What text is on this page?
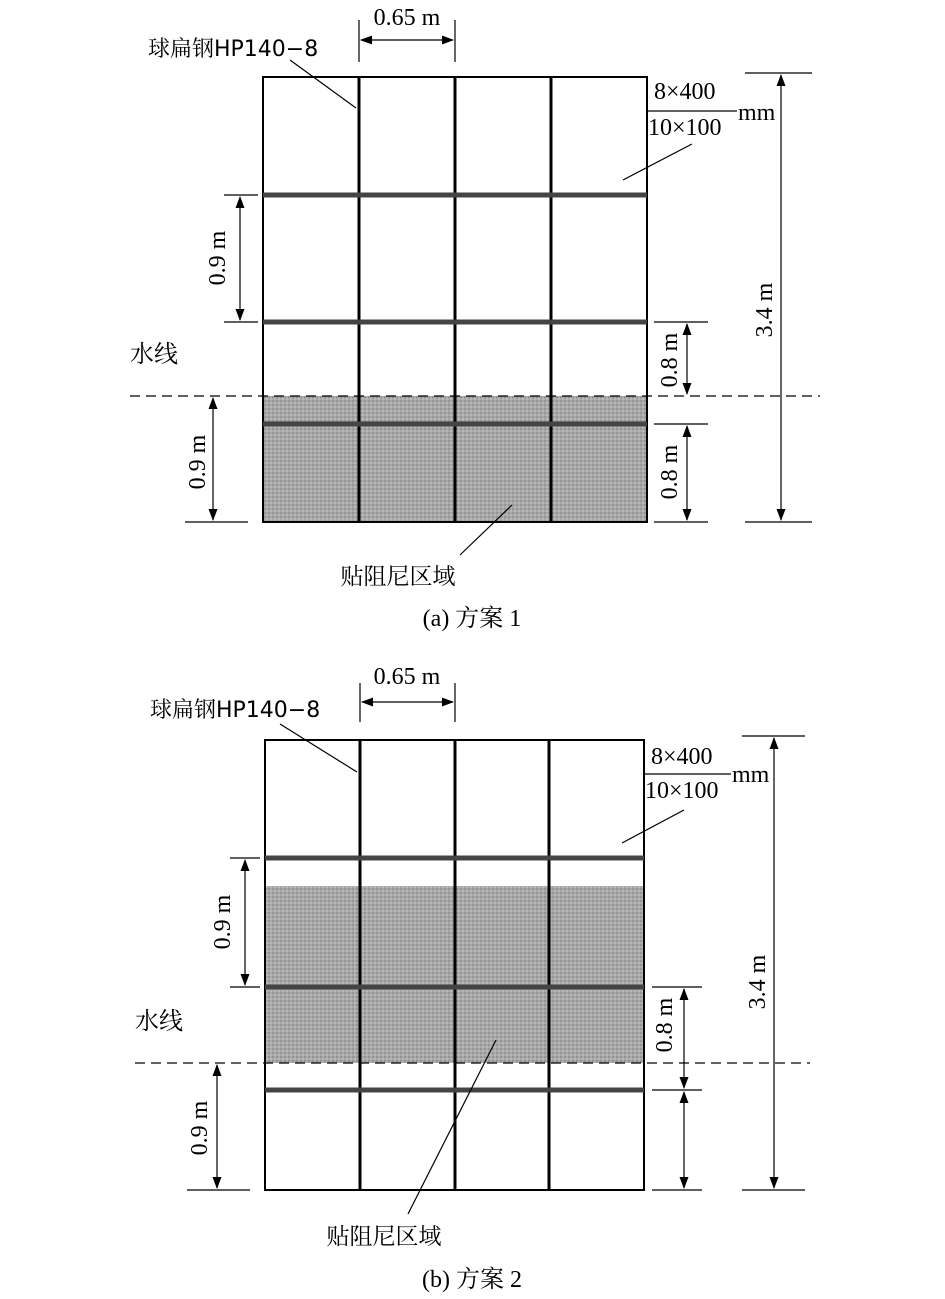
水线
0.65 m
球扁钢HP140−8
8×400
10×100
mm
0.9 m
0.9 m
0.8 m
0.8 m
3.4 m
贴阻尼区域
(a) 方案 1
水线
0.65 m
球扁钢HP140−8
8×400
10×100
mm
0.9 m
0.9 m
0.8 m
3.4 m
贴阻尼区域
(b) 方案 2
